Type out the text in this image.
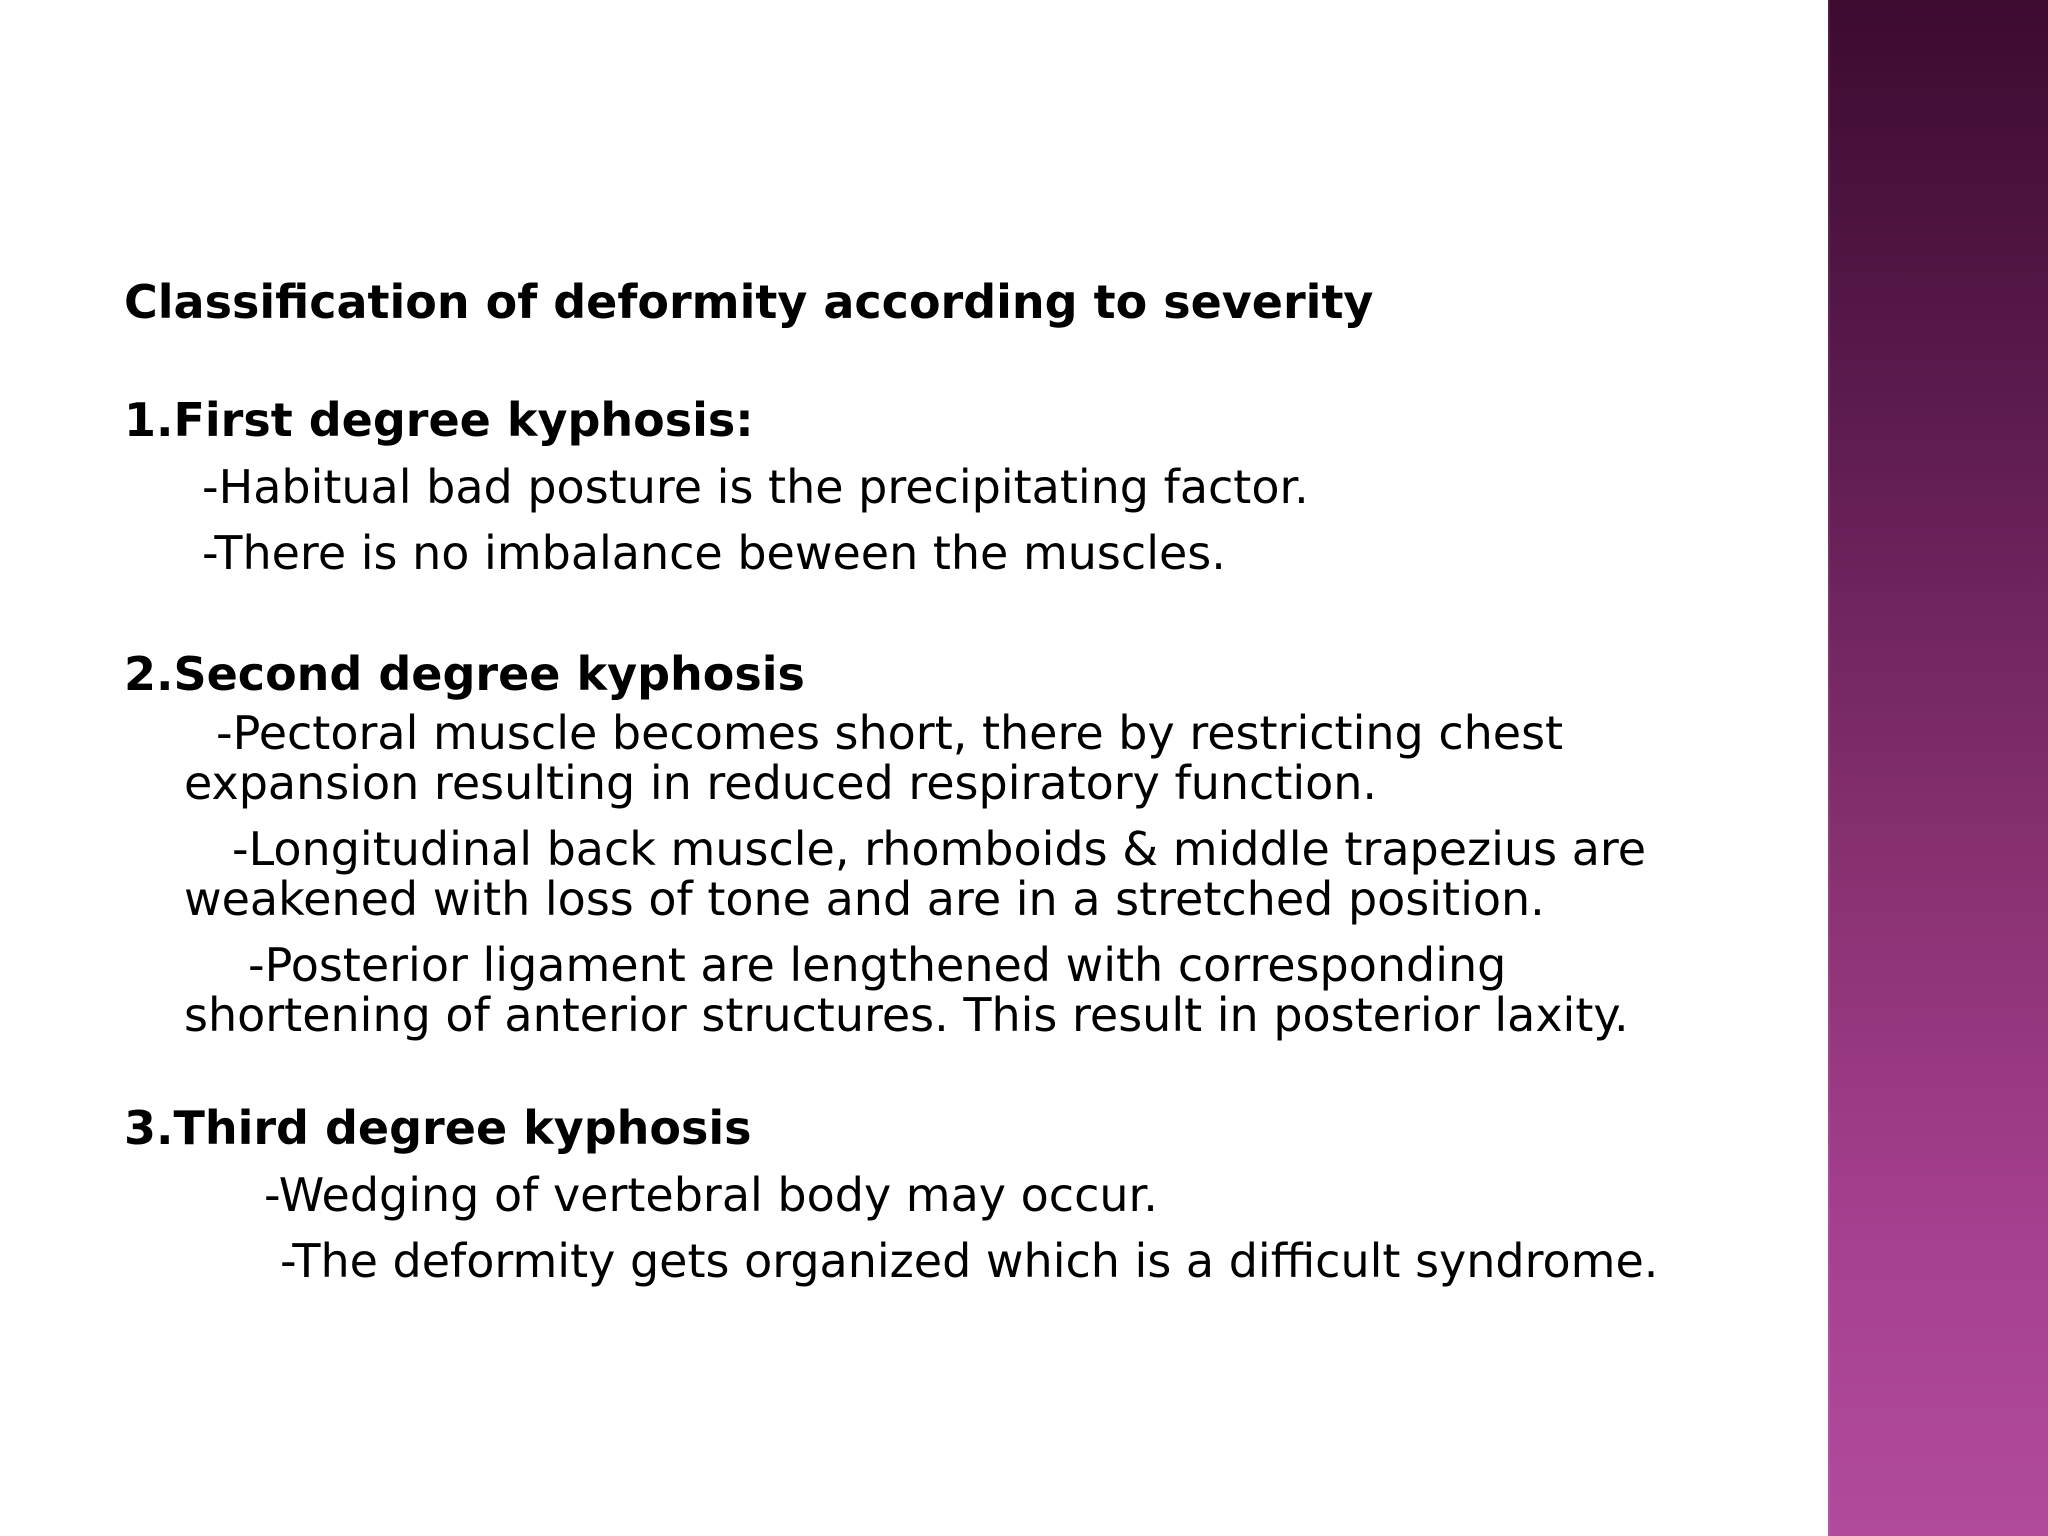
Classification of deformity according to severity
1.First degree kyphosis:
-Habitual bad posture is the precipitating factor.
-There is no imbalance beween the muscles.
2.Second degree kyphosis
-Pectoral muscle becomes short, there by restricting chest expansion resulting in reduced respiratory function.
-Longitudinal back muscle, rhomboids & middle trapezius are weakened with loss of tone and are in a stretched position.
-Posterior ligament are lengthened with corresponding shortening of anterior structures. This result in posterior laxity.
3.Third degree kyphosis
-Wedging of vertebral body may occur.
-The deformity gets organized which is a difficult syndrome.
